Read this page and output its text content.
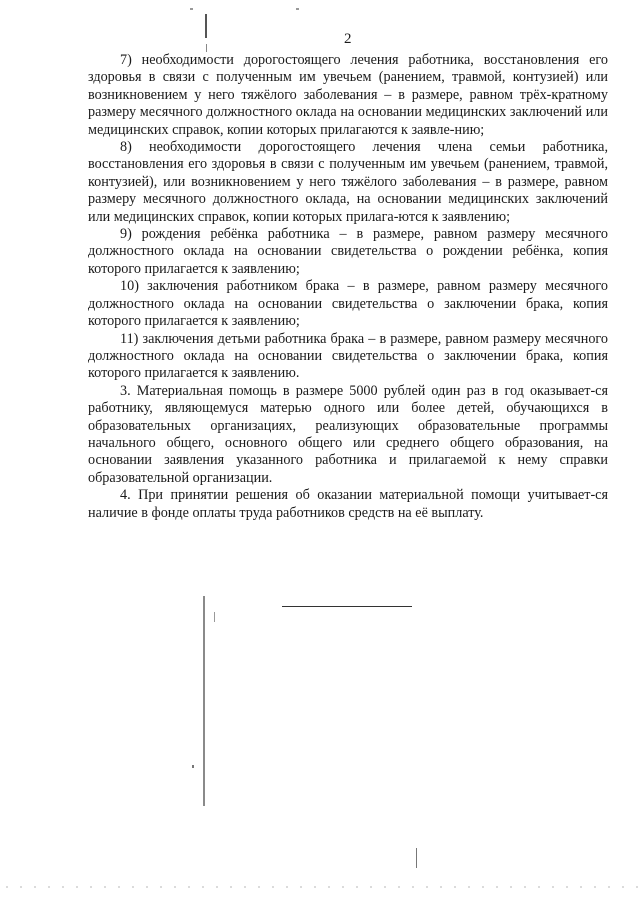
2

7) необходимости дорогостоящего лечения работника, восстановления его здоровья в связи с полученным им увечьем (ранением, травмой, контузией) или возникновением у него тяжёлого заболевания – в размере, равном трёх-кратному размеру месячного должностного оклада на основании медицинских заключений или медицинских справок, копии которых прилагаются к заявле-нию;

8) необходимости дорогостоящего лечения члена семьи работника, восстановления его здоровья в связи с полученным им увечьем (ранением, травмой, контузией), или возникновением у него тяжёлого заболевания – в размере, равном размеру месячного должностного оклада, на основании медицинских заключений или медицинских справок, копии которых прилага-ются к заявлению;

9) рождения ребёнка работника – в размере, равном размеру месячного должностного оклада на основании свидетельства о рождении ребёнка, копия которого прилагается к заявлению;

10) заключения работником брака – в размере, равном размеру месячного должностного оклада на основании свидетельства о заключении брака, копия которого прилагается к заявлению;

11) заключения детьми работника брака – в размере, равном размеру месячного должностного оклада на основании свидетельства о заключении брака, копия которого прилагается к заявлению.

3. Материальная помощь в размере 5000 рублей один раз в год оказывает-ся работнику, являющемуся матерью одного или более детей, обучающихся в образовательных организациях, реализующих образовательные программы начального общего, основного общего или среднего общего образования, на основании заявления указанного работника и прилагаемой к нему справки образовательной организации.

4. При принятии решения об оказании материальной помощи учитывает-ся наличие в фонде оплаты труда работников средств на её выплату.
